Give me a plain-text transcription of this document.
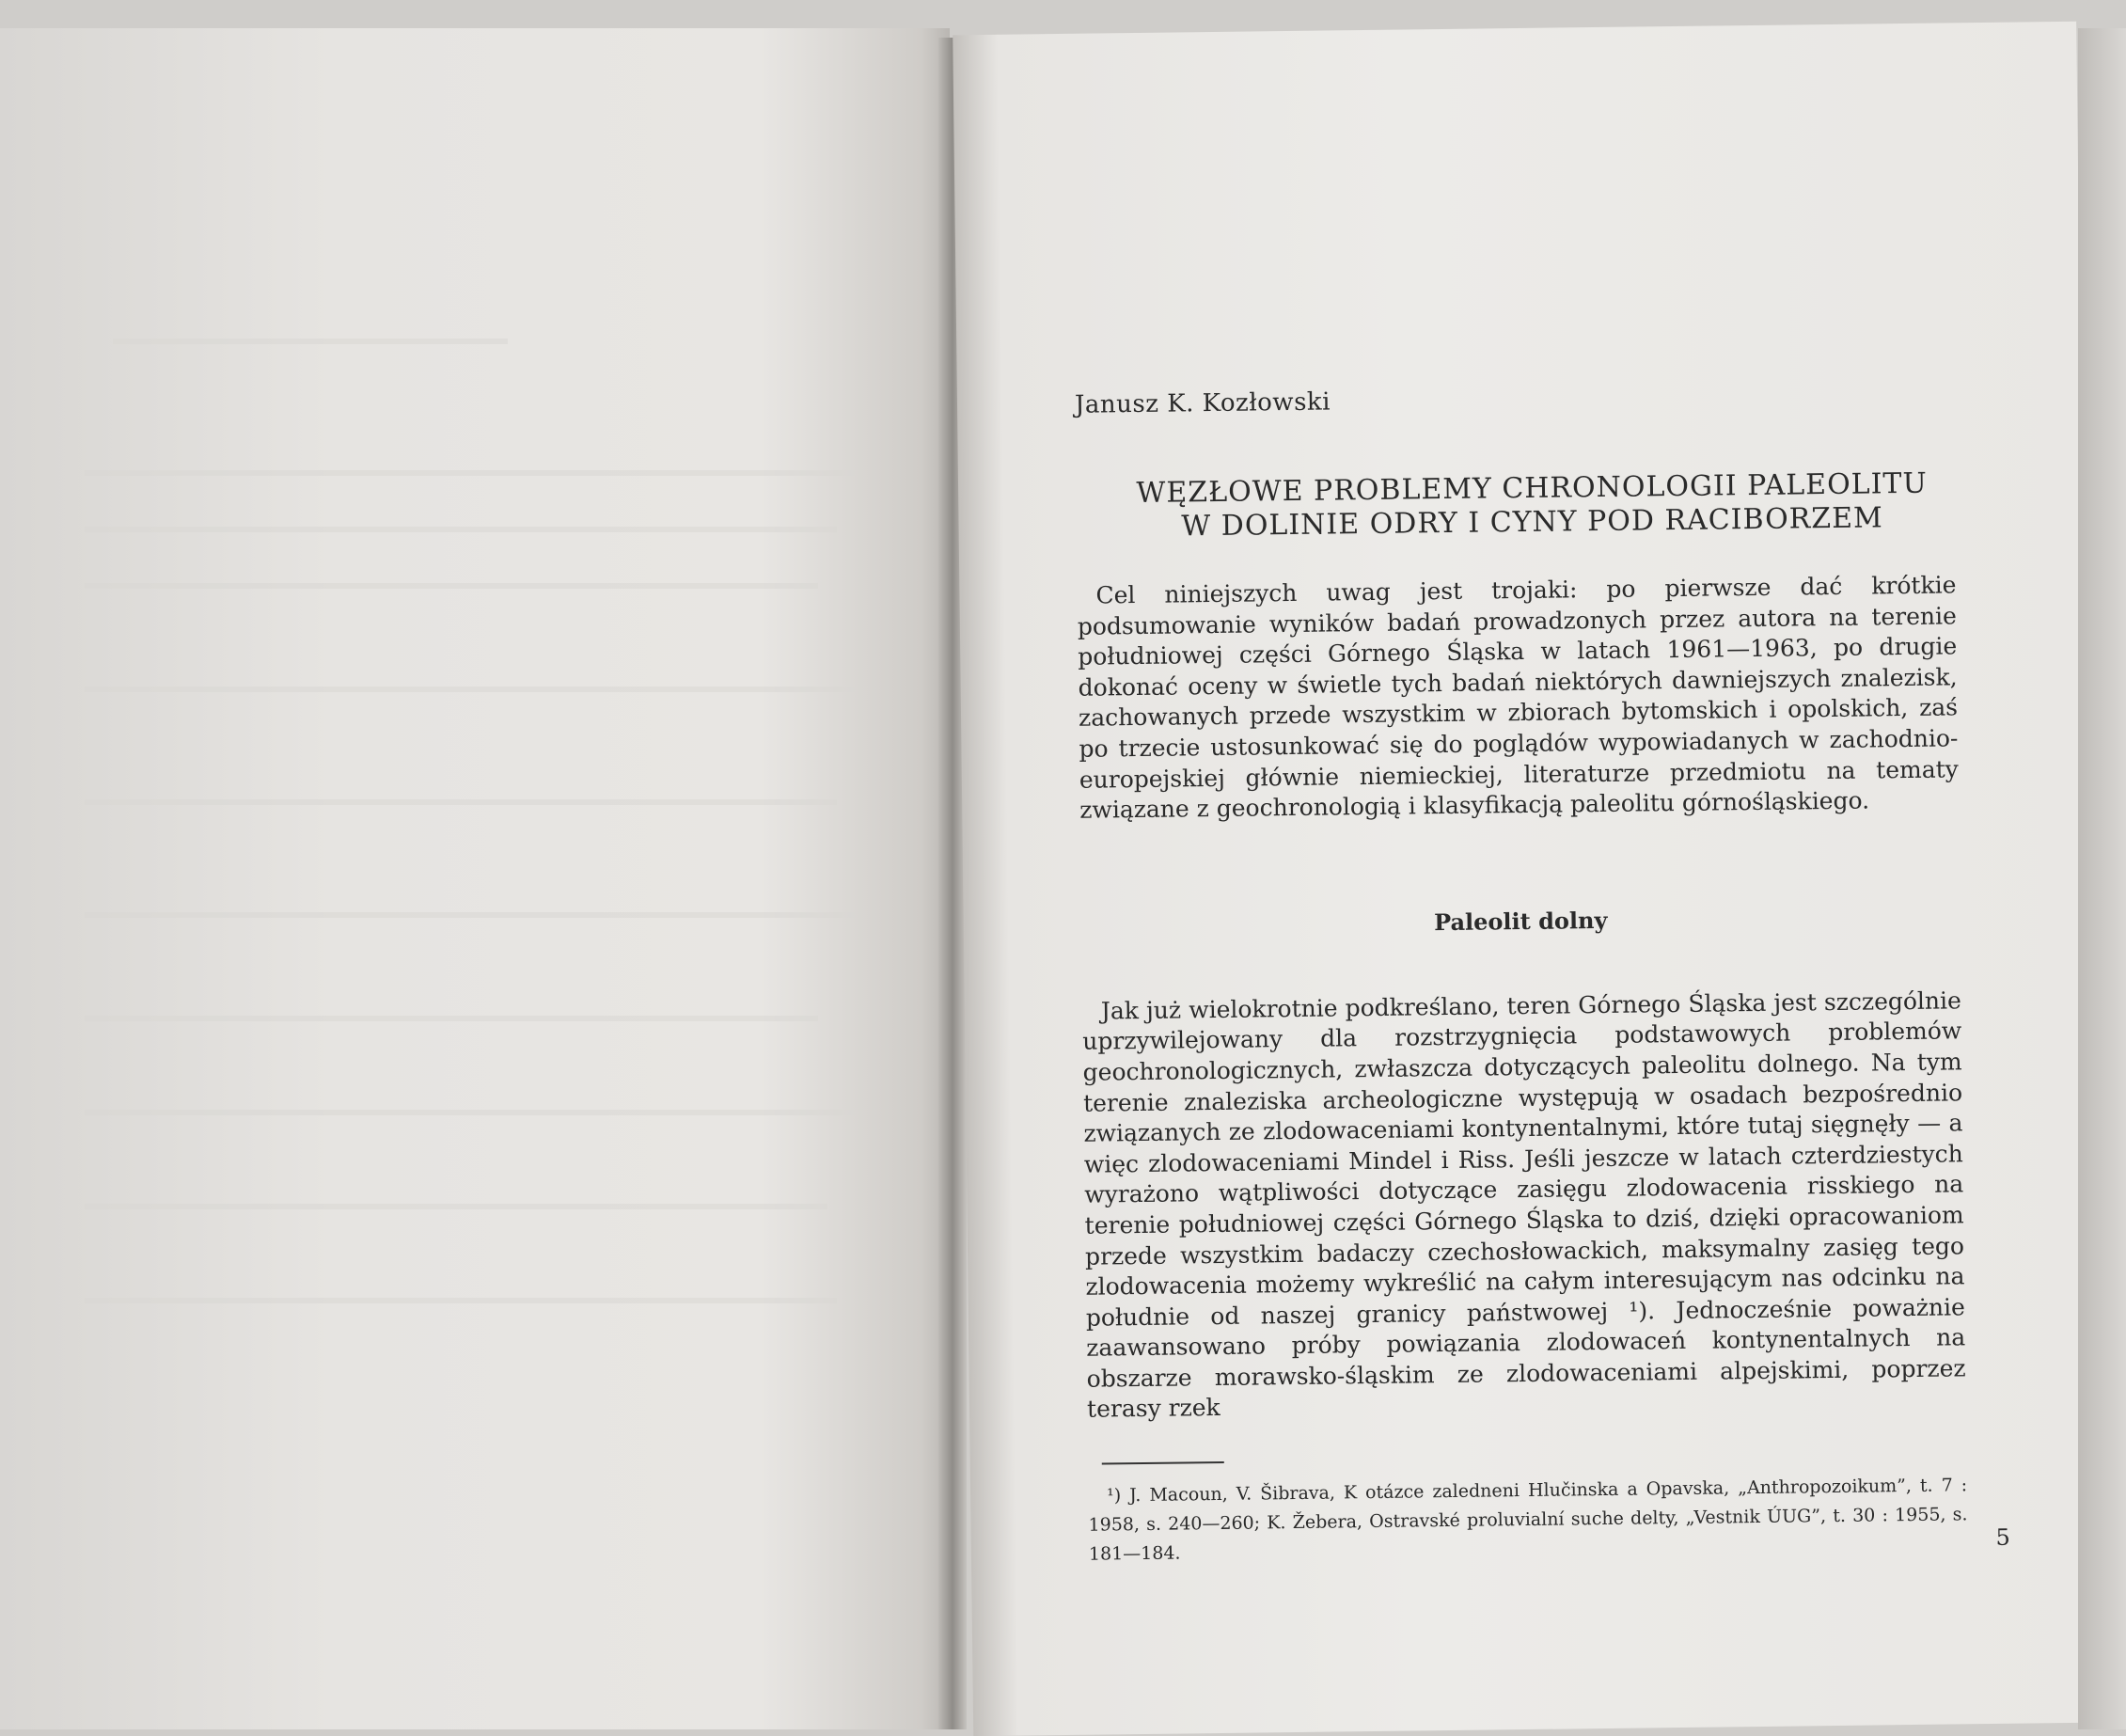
Janusz K. Kozłowski
WĘZŁOWE PROBLEMY CHRONOLOGII PALEOLITU
W DOLINIE ODRY I CYNY POD RACIBORZEM
Cel niniejszych uwag jest trojaki: po pierwsze dać krótkie podsumowanie wyników badań prowadzonych przez autora na terenie południowej części Górnego Śląska w latach 1961—1963, po drugie dokonać oceny w świetle tych badań niektórych dawniejszych znalezisk, zachowanych przede wszystkim w zbiorach bytomskich i opolskich, zaś po trzecie ustosunkować się do poglądów wypowiadanych w zachodnio-europejskiej głównie niemieckiej, literaturze przedmiotu na tematy związane z geochronologią i klasyfikacją paleolitu górnośląskiego.
Paleolit dolny
Jak już wielokrotnie podkreślano, teren Górnego Śląska jest szczególnie uprzywilejowany dla rozstrzygnięcia podstawowych problemów geochronologicznych, zwłaszcza dotyczących paleolitu dolnego. Na tym terenie znaleziska archeologiczne występują w osadach bezpośrednio związanych ze zlodowaceniami kontynentalnymi, które tutaj sięgnęły — a więc zlodowaceniami Mindel i Riss. Jeśli jeszcze w latach czterdziestych wyrażono wątpliwości dotyczące zasięgu zlodowacenia risskiego na terenie południowej części Górnego Śląska to dziś, dzięki opracowaniom przede wszystkim badaczy czechosłowackich, maksymalny zasięg tego zlodowacenia możemy wykreślić na całym interesującym nas odcinku na południe od naszej granicy państwowej ¹). Jednocześnie poważnie zaawansowano próby powiązania zlodowaceń kontynentalnych na obszarze morawsko-śląskim ze zlodowaceniami alpejskimi, poprzez terasy rzek
¹) J. Macoun, V. Šibrava, K otázce zaledneni Hlučinska a Opavska, „Anthropozoikum”, t. 7 : 1958, s. 240—260; K. Žebera, Ostravské proluvialní suche delty, „Vestnik ÚUG”, t. 30 : 1955, s. 181—184.
5
